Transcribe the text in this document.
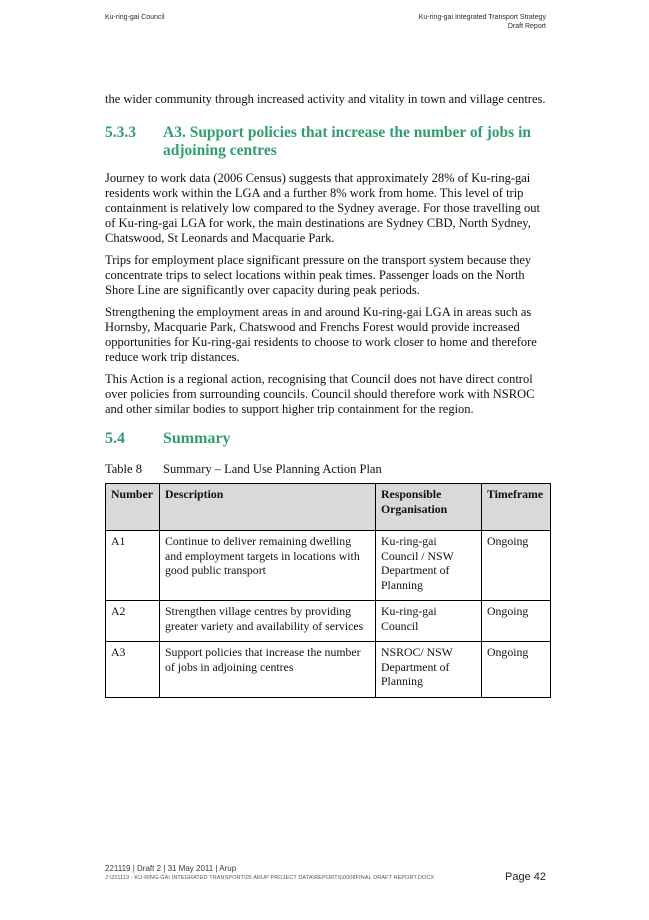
Ku-ring-gai Council	Ku-ring-gai Integrated Transport Strategy
Draft Report

the wider community through increased activity and vitality in town and village centres.

5.3.3	A3. Support policies that increase the number of jobs in adjoining centres

Journey to work data (2006 Census) suggests that approximately 28% of Ku-ring-gai residents work within the LGA and a further 8% work from home. This level of trip containment is relatively low compared to the Sydney average. For those travelling out of Ku-ring-gai LGA for work, the main destinations are Sydney CBD, North Sydney, Chatswood, St Leonards and Macquarie Park.

Trips for employment place significant pressure on the transport system because they concentrate trips to select locations within peak times. Passenger loads on the North Shore Line are significantly over capacity during peak periods.

Strengthening the employment areas in and around Ku-ring-gai LGA in areas such as Hornsby, Macquarie Park, Chatswood and Frenchs Forest would provide increased opportunities for Ku-ring-gai residents to choose to work closer to home and therefore reduce work trip distances.

This Action is a regional action, recognising that Council does not have direct control over policies from surrounding councils. Council should therefore work with NSROC and other similar bodies to support higher trip containment for the region.

5.4	Summary
Table 8	Summary – Land Use Planning Action Plan
Number	Description	Responsible Organisation	Timeframe
A1	Continue to deliver remaining dwelling and employment targets in locations with good public transport	Ku-ring-gai Council / NSW Department of Planning	Ongoing
A2	Strengthen village centres by providing greater variety and availability of services	Ku-ring-gai Council	Ongoing
A3	Support policies that increase the number of jobs in adjoining centres	NSROC/ NSW Department of Planning	Ongoing
221119 | Draft 2 | 31 May 2011 | Arup
J:\221119 - KU-RING-GAI INTEGRATED TRANSPORT\05 ARUP PROJECT DATA\REPORTS\0008FINAL DRAFT REPORT.DOCX	Page 42
